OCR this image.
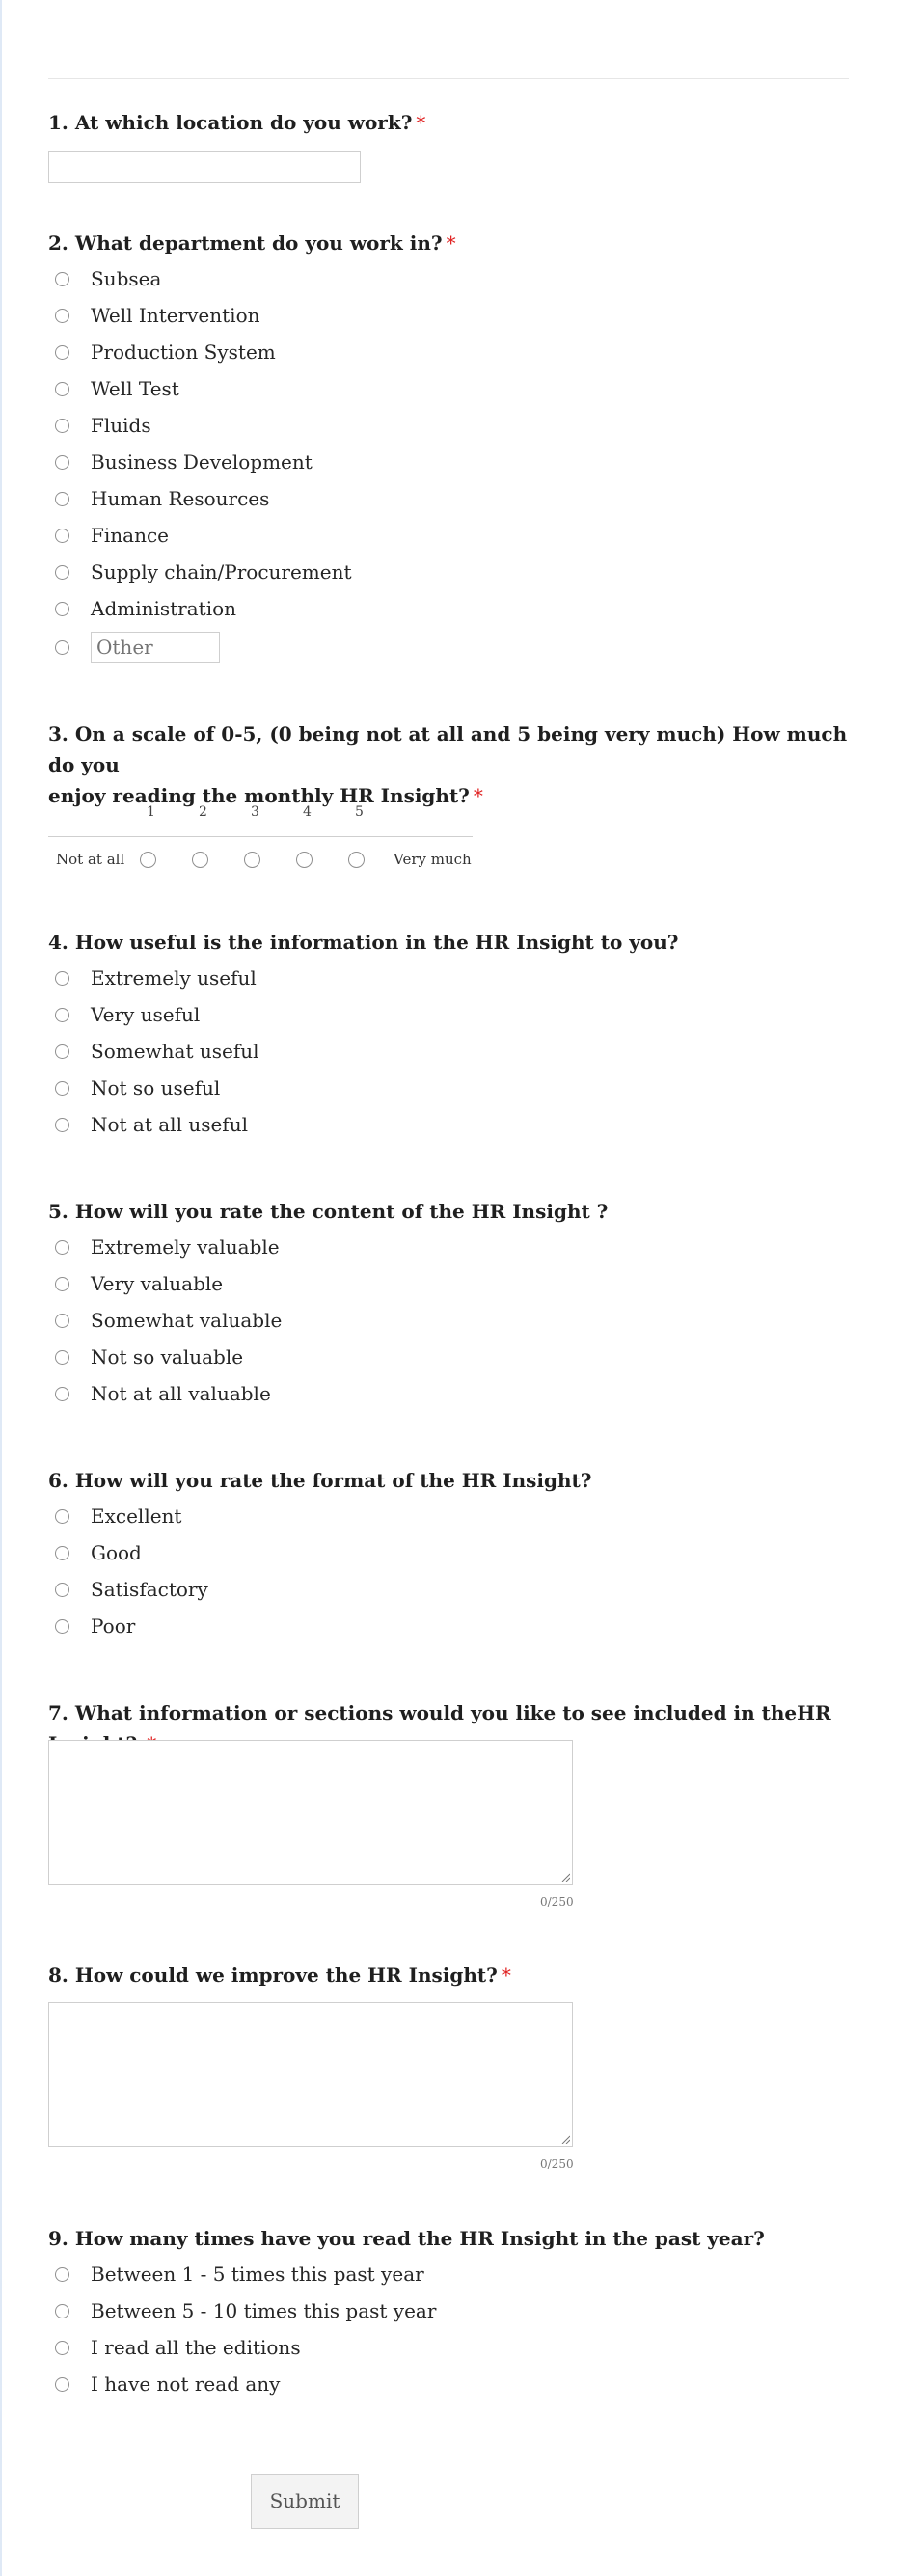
1. At which location do you work? *

2. What department do you work in? *

Subsea
Well Intervention
Production System
Well Test
Fluids
Business Development
Human Resources
Finance
Supply chain/Procurement
Administration
Other

3. On a scale of 0-5, (0 being not at all and 5 being very much) How much do you
enjoy reading the monthly HR Insight? *

1	2	3	4	5
Not at all	Very much

4. How useful is the information in the HR Insight to you?

Extremely useful
Very useful
Somewhat useful
Not so useful
Not at all useful

5. How will you rate the content of the HR Insight ?

Extremely valuable
Very valuable
Somewhat valuable
Not so valuable
Not at all valuable

6. How will you rate the format of the HR Insight?

Excellent
Good
Satisfactory
Poor

7. What information or sections would you like to see included in theHR

0/250

8. How could we improve the HR Insight? *

0/250

9. How many times have you read the HR Insight in the past year?

Between 1 - 5 times this past year
Between 5 - 10 times this past year
I read all the editions
I have not read any
Submit
